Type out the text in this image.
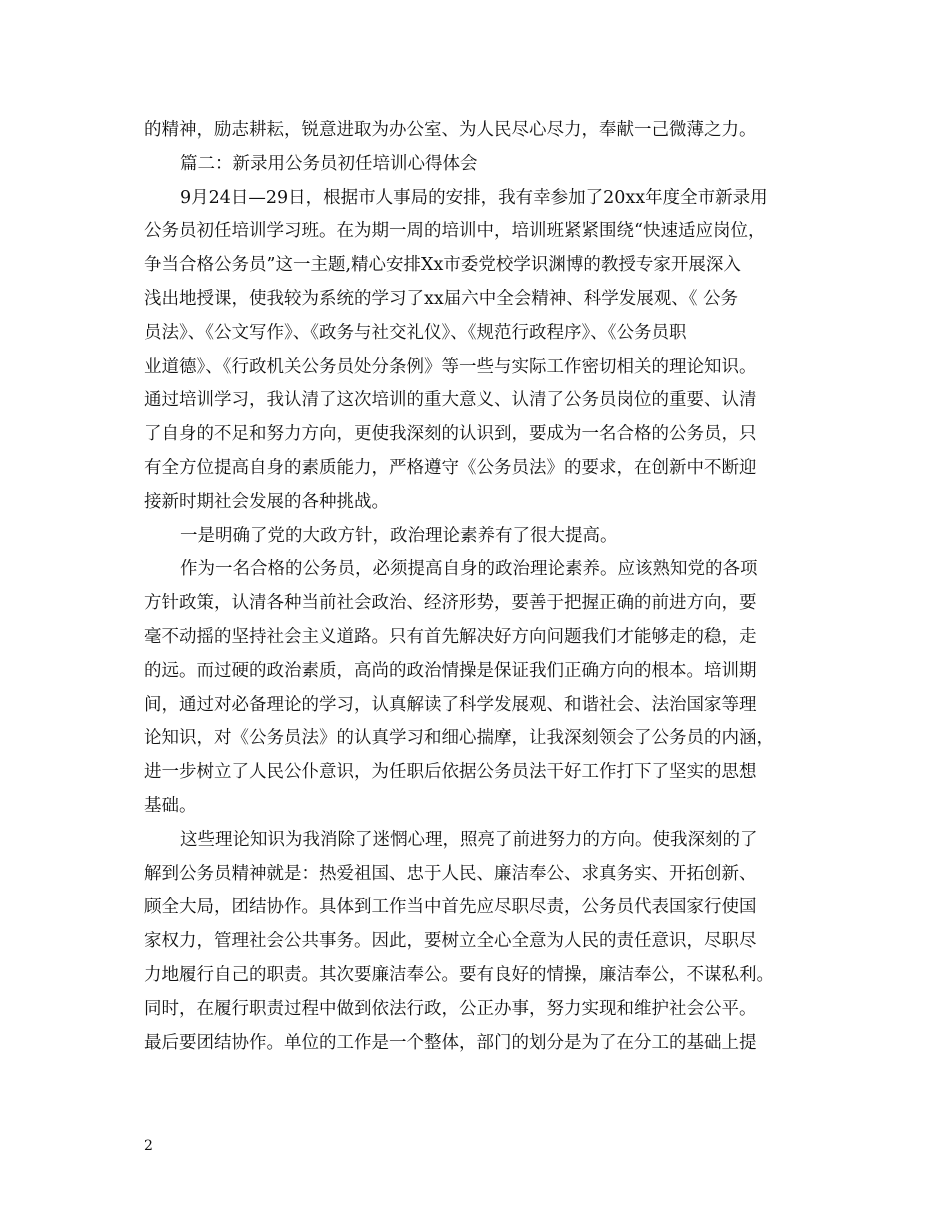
的精神，励志耕耘，锐意进取为办公室、为人民尽心尽力，奉献一己微薄之力。
篇二：新录用公务员初任培训心得体会
9月24日—29日，根据市人事局的安排，我有幸参加了20xx年度全市新录用
公务员初任培训学习班。在为期一周的培训中，培训班紧紧围绕“快速适应岗位，
争当合格公务员”这一主题,精心安排Xx市委党校学识渊博的教授专家开展深入
浅出地授课，使我较为系统的学习了xx届六中全会精神、科学发展观、《 公务
员法》、《公文写作》、《政务与社交礼仪》、《规范行政程序》、《公务员职
业道德》、《行政机关公务员处分条例》等一些与实际工作密切相关的理论知识。
通过培训学习，我认清了这次培训的重大意义、认清了公务员岗位的重要、认清
了自身的不足和努力方向，更使我深刻的认识到，要成为一名合格的公务员，只
有全方位提高自身的素质能力，严格遵守《公务员法》的要求，在创新中不断迎
接新时期社会发展的各种挑战。
一是明确了党的大政方针，政治理论素养有了很大提高。
作为一名合格的公务员，必须提高自身的政治理论素养。应该熟知党的各项
方针政策，认清各种当前社会政治、经济形势，要善于把握正确的前进方向，要
毫不动摇的坚持社会主义道路。只有首先解决好方向问题我们才能够走的稳，走
的远。而过硬的政治素质，高尚的政治情操是保证我们正确方向的根本。培训期
间，通过对必备理论的学习，认真解读了科学发展观、和谐社会、法治国家等理
论知识，对《公务员法》的认真学习和细心揣摩，让我深刻领会了公务员的内涵，
进一步树立了人民公仆意识，为任职后依据公务员法干好工作打下了坚实的思想
基础。
这些理论知识为我消除了迷惘心理，照亮了前进努力的方向。使我深刻的了
解到公务员精神就是：热爱祖国、忠于人民、廉洁奉公、求真务实、开拓创新、
顾全大局，团结协作。具体到工作当中首先应尽职尽责，公务员代表国家行使国
家权力，管理社会公共事务。因此，要树立全心全意为人民的责任意识，尽职尽
力地履行自己的职责。其次要廉洁奉公。要有良好的情操，廉洁奉公，不谋私利。
同时，在履行职责过程中做到依法行政，公正办事，努力实现和维护社会公平。
最后要团结协作。单位的工作是一个整体，部门的划分是为了在分工的基础上提
2
